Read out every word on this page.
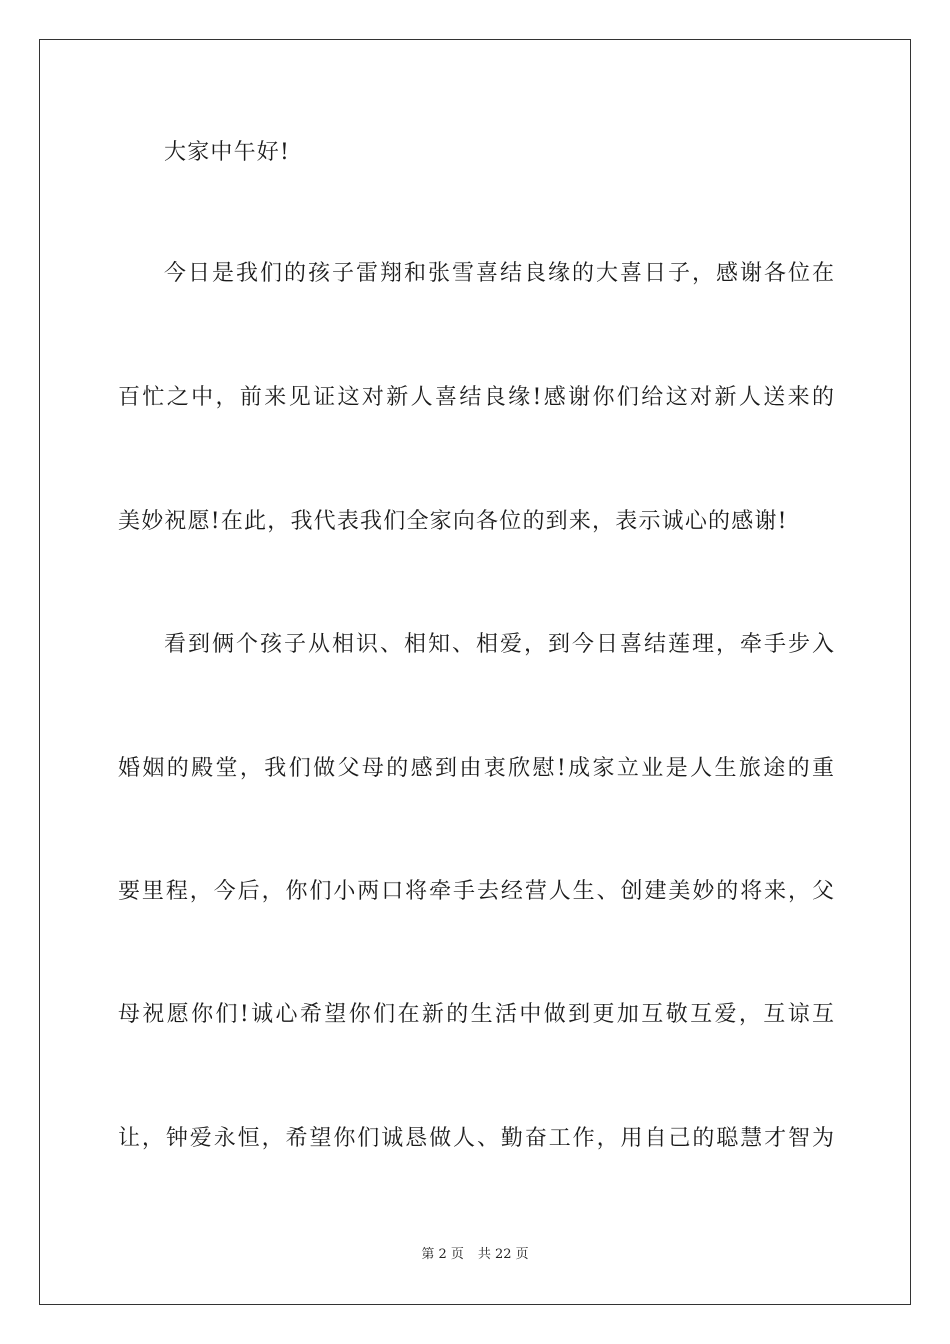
大家中午好!
今日是我们的孩子雷翔和张雪喜结良缘的大喜日子，感谢各位在
百忙之中，前来见证这对新人喜结良缘!感谢你们给这对新人送来的
美妙祝愿!在此，我代表我们全家向各位的到来，表示诚心的感谢!
看到俩个孩子从相识、相知、相爱，到今日喜结莲理，牵手步入
婚姻的殿堂，我们做父母的感到由衷欣慰!成家立业是人生旅途的重
要里程，今后，你们小两口将牵手去经营人生、创建美妙的将来，父
母祝愿你们!诚心希望你们在新的生活中做到更加互敬互爱，互谅互
让，钟爱永恒，希望你们诚恳做人、勤奋工作，用自己的聪慧才智为
第 2 页 共 22 页
